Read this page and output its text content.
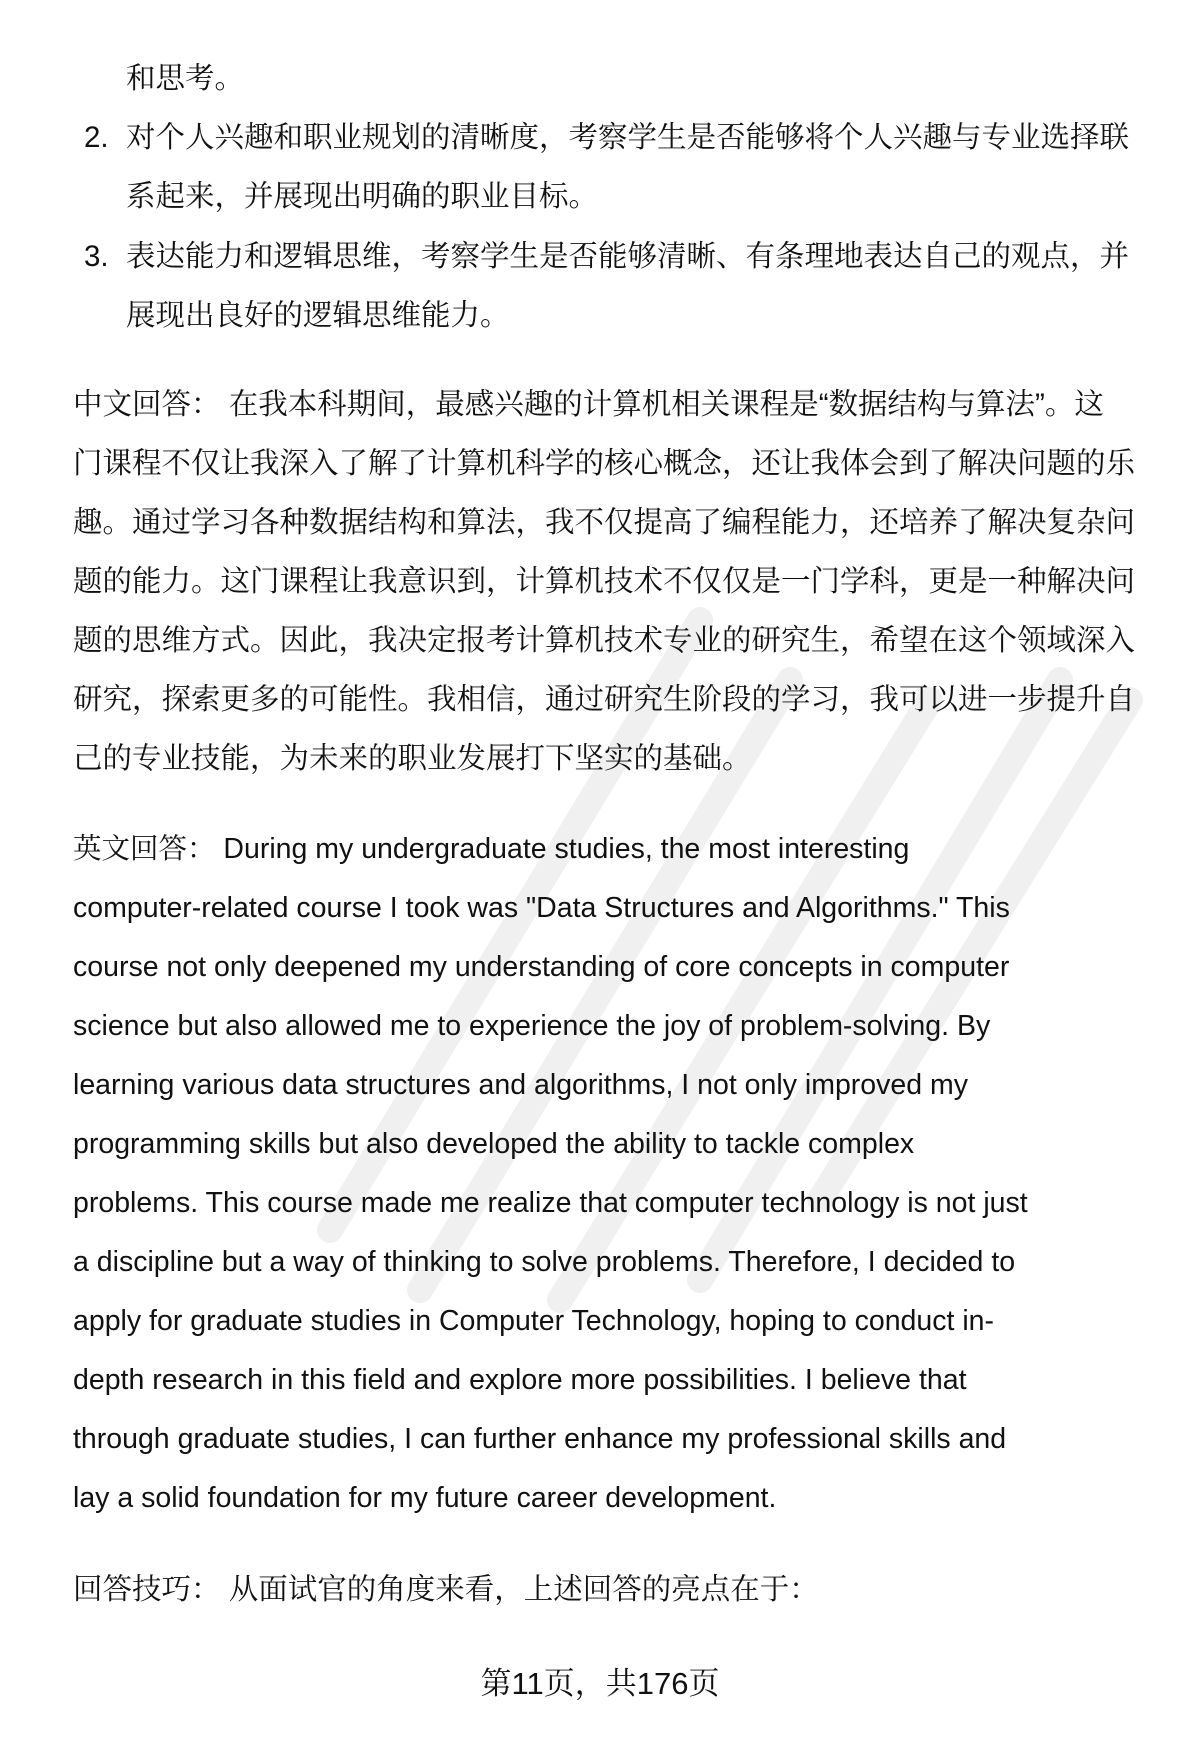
和思考。
2. 对个人兴趣和职业规划的清晰度，考察学生是否能够将个人兴趣与专业选择联
系起来，并展现出明确的职业目标。
3. 表达能力和逻辑思维，考察学生是否能够清晰、有条理地表达自己的观点，并
展现出良好的逻辑思维能力。
中文回答： 在我本科期间，最感兴趣的计算机相关课程是“数据结构与算法”。这
门课程不仅让我深入了解了计算机科学的核心概念，还让我体会到了解决问题的乐
趣。通过学习各种数据结构和算法，我不仅提高了编程能力，还培养了解决复杂问
题的能力。这门课程让我意识到，计算机技术不仅仅是一门学科，更是一种解决问
题的思维方式。因此，我决定报考计算机技术专业的研究生，希望在这个领域深入
研究，探索更多的可能性。我相信，通过研究生阶段的学习，我可以进一步提升自
己的专业技能，为未来的职业发展打下坚实的基础。
英文回答： During my undergraduate studies, the most interesting
computer-related course I took was "Data Structures and Algorithms." This
course not only deepened my understanding of core concepts in computer
science but also allowed me to experience the joy of problem-solving. By
learning various data structures and algorithms, I not only improved my
programming skills but also developed the ability to tackle complex
problems. This course made me realize that computer technology is not just
a discipline but a way of thinking to solve problems. Therefore, I decided to
apply for graduate studies in Computer Technology, hoping to conduct in-
depth research in this field and explore more possibilities. I believe that
through graduate studies, I can further enhance my professional skills and
lay a solid foundation for my future career development.
回答技巧： 从面试官的角度来看，上述回答的亮点在于：
第11页，共176页
